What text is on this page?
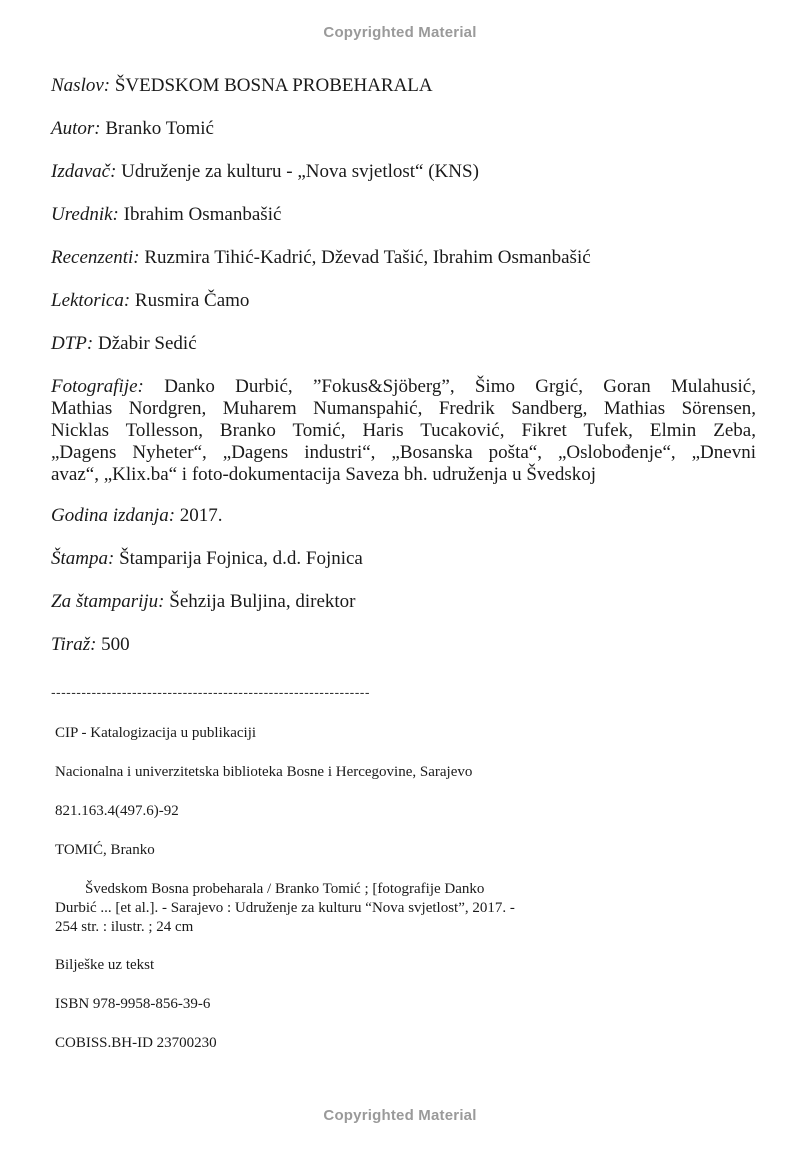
Copyrighted Material
Naslov: ŠVEDSKOM BOSNA PROBEHARALA
Autor: Branko Tomić
Izdavač: Udruženje za kulturu - „Nova svjetlost“ (KNS)
Urednik: Ibrahim Osmanbašić
Recenzenti: Ruzmira Tihić-Kadrić, Dževad Tašić, Ibrahim Osmanbašić
Lektorica: Rusmira Čamo
DTP: Džabir Sedić
Fotografije: Danko Durbić, ”Fokus&Sjöberg”, Šimo Grgić, Goran Mulahusić,
Mathias Nordgren, Muharem Numanspahić, Fredrik Sandberg, Mathias Sörensen,
Nicklas Tollesson, Branko Tomić, Haris Tucaković, Fikret Tufek, Elmin Zeba,
„Dagens Nyheter“, „Dagens industri“, „Bosanska pošta“, „Oslobođenje“, „Dnevni
avaz“, „Klix.ba“ i foto-dokumentacija Saveza bh. udruženja u Švedskoj
Godina izdanja: 2017.
Štampa: Štamparija Fojnica, d.d. Fojnica
Za štampariju: Šehzija Buljina, direktor
Tiraž: 500
---------------------------------------------------------------

CIP - Katalogizacija u publikaciji

Nacionalna i univerzitetska biblioteka Bosne i Hercegovine, Sarajevo

821.163.4(497.6)-92

TOMIĆ, Branko

Švedskom Bosna probeharala / Branko Tomić ; [fotografije Danko
Durbić ... [et al.]. - Sarajevo : Udruženje za kulturu “Nova svjetlost”, 2017. -
254 str. : ilustr. ; 24 cm

Bilješke uz tekst

ISBN 978-9958-856-39-6

COBISS.BH-ID 23700230

Copyrighted Material
